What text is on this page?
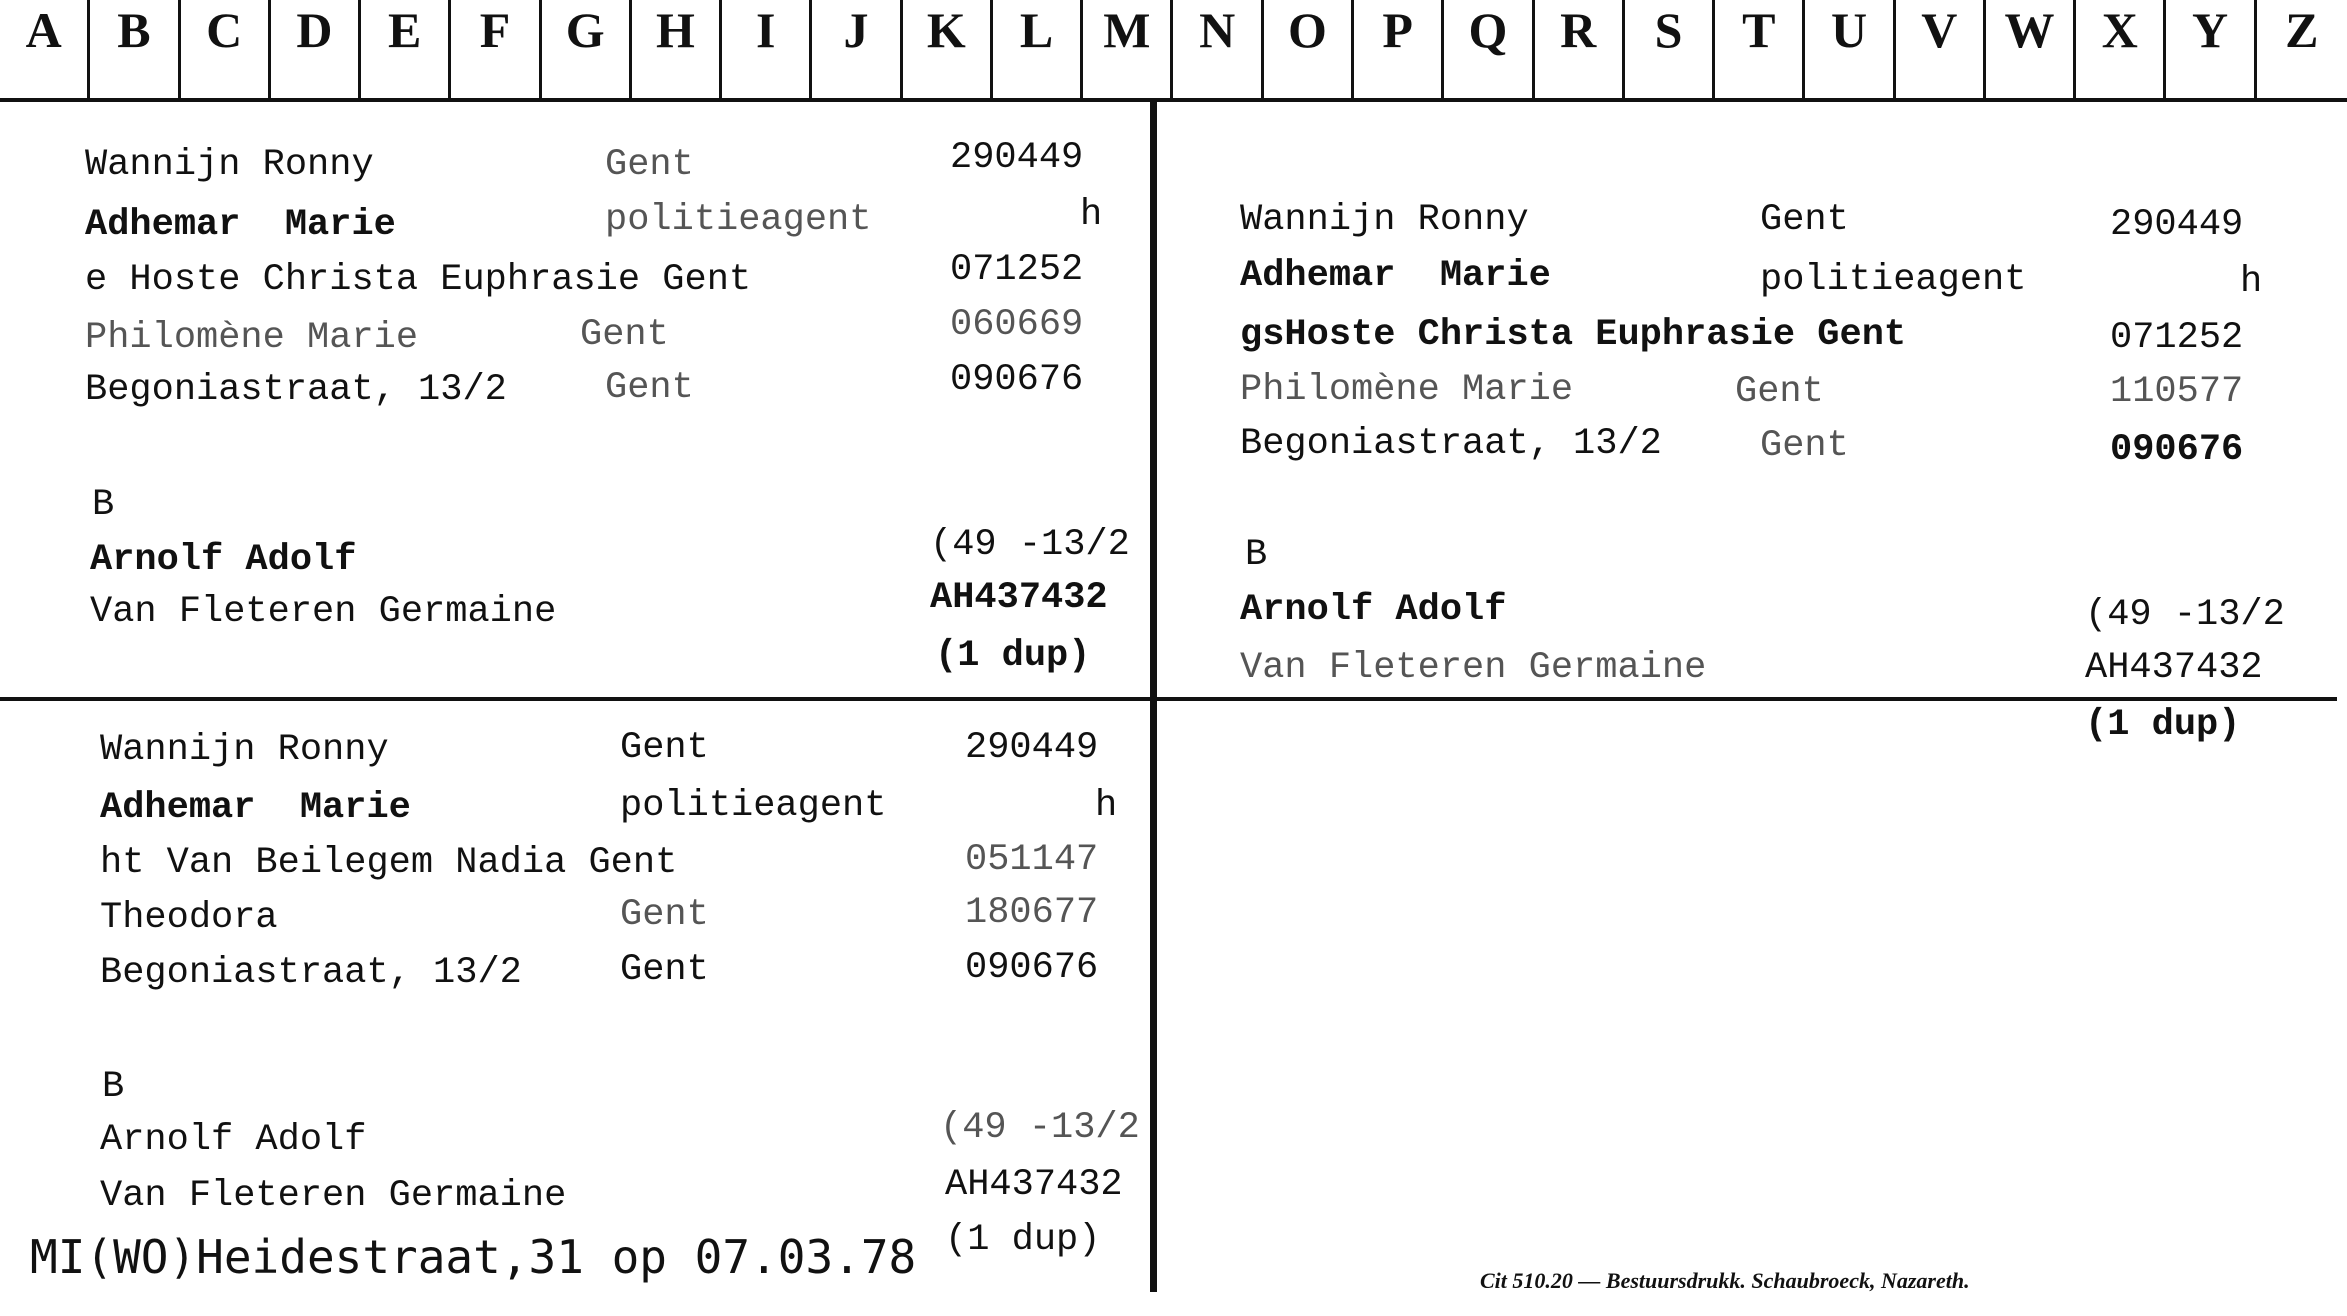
A	B	C	D	E	F	G	H	I	J	K	L M N	O	P	Q	R	S	T	U	V W X	Y	Z
Wannijn Ronny	Gent	290449
Adhemar  Marie	politieagent	h
e Hoste Christa Euphrasie Gent	071252
Philomène Marie	Gent	060669
Begoniastraat, 13/2	Gent	090676
B
Arnolf Adolf	(49 -13/2
Van Fleteren Germaine	AH437432
(1 dup)
Wannijn Ronny	Gent	290449
Adhemar  Marie	politieagent	h
gsHoste Christa Euphrasie Gent	071252
Philomène Marie	Gent	110577
Begoniastraat, 13/2	Gent	090676
B
Arnolf Adolf	(49 -13/2
Van Fleteren Germaine	AH437432
(1 dup)
Wannijn Ronny	Gent	290449
Adhemar  Marie	politieagent	h
ht Van Beilegem Nadia Gent	051147
Theodora	Gent	180677
Begoniastraat, 13/2	Gent	090676
B
Arnolf Adolf	(49 -13/2
Van Fleteren Germaine	AH437432
(1 dup)
MI(WO)Heidestraat,31 op 07.03.78	Cit 510.20 — Bestuursdrukk. Schaubroeck, Nazareth.
